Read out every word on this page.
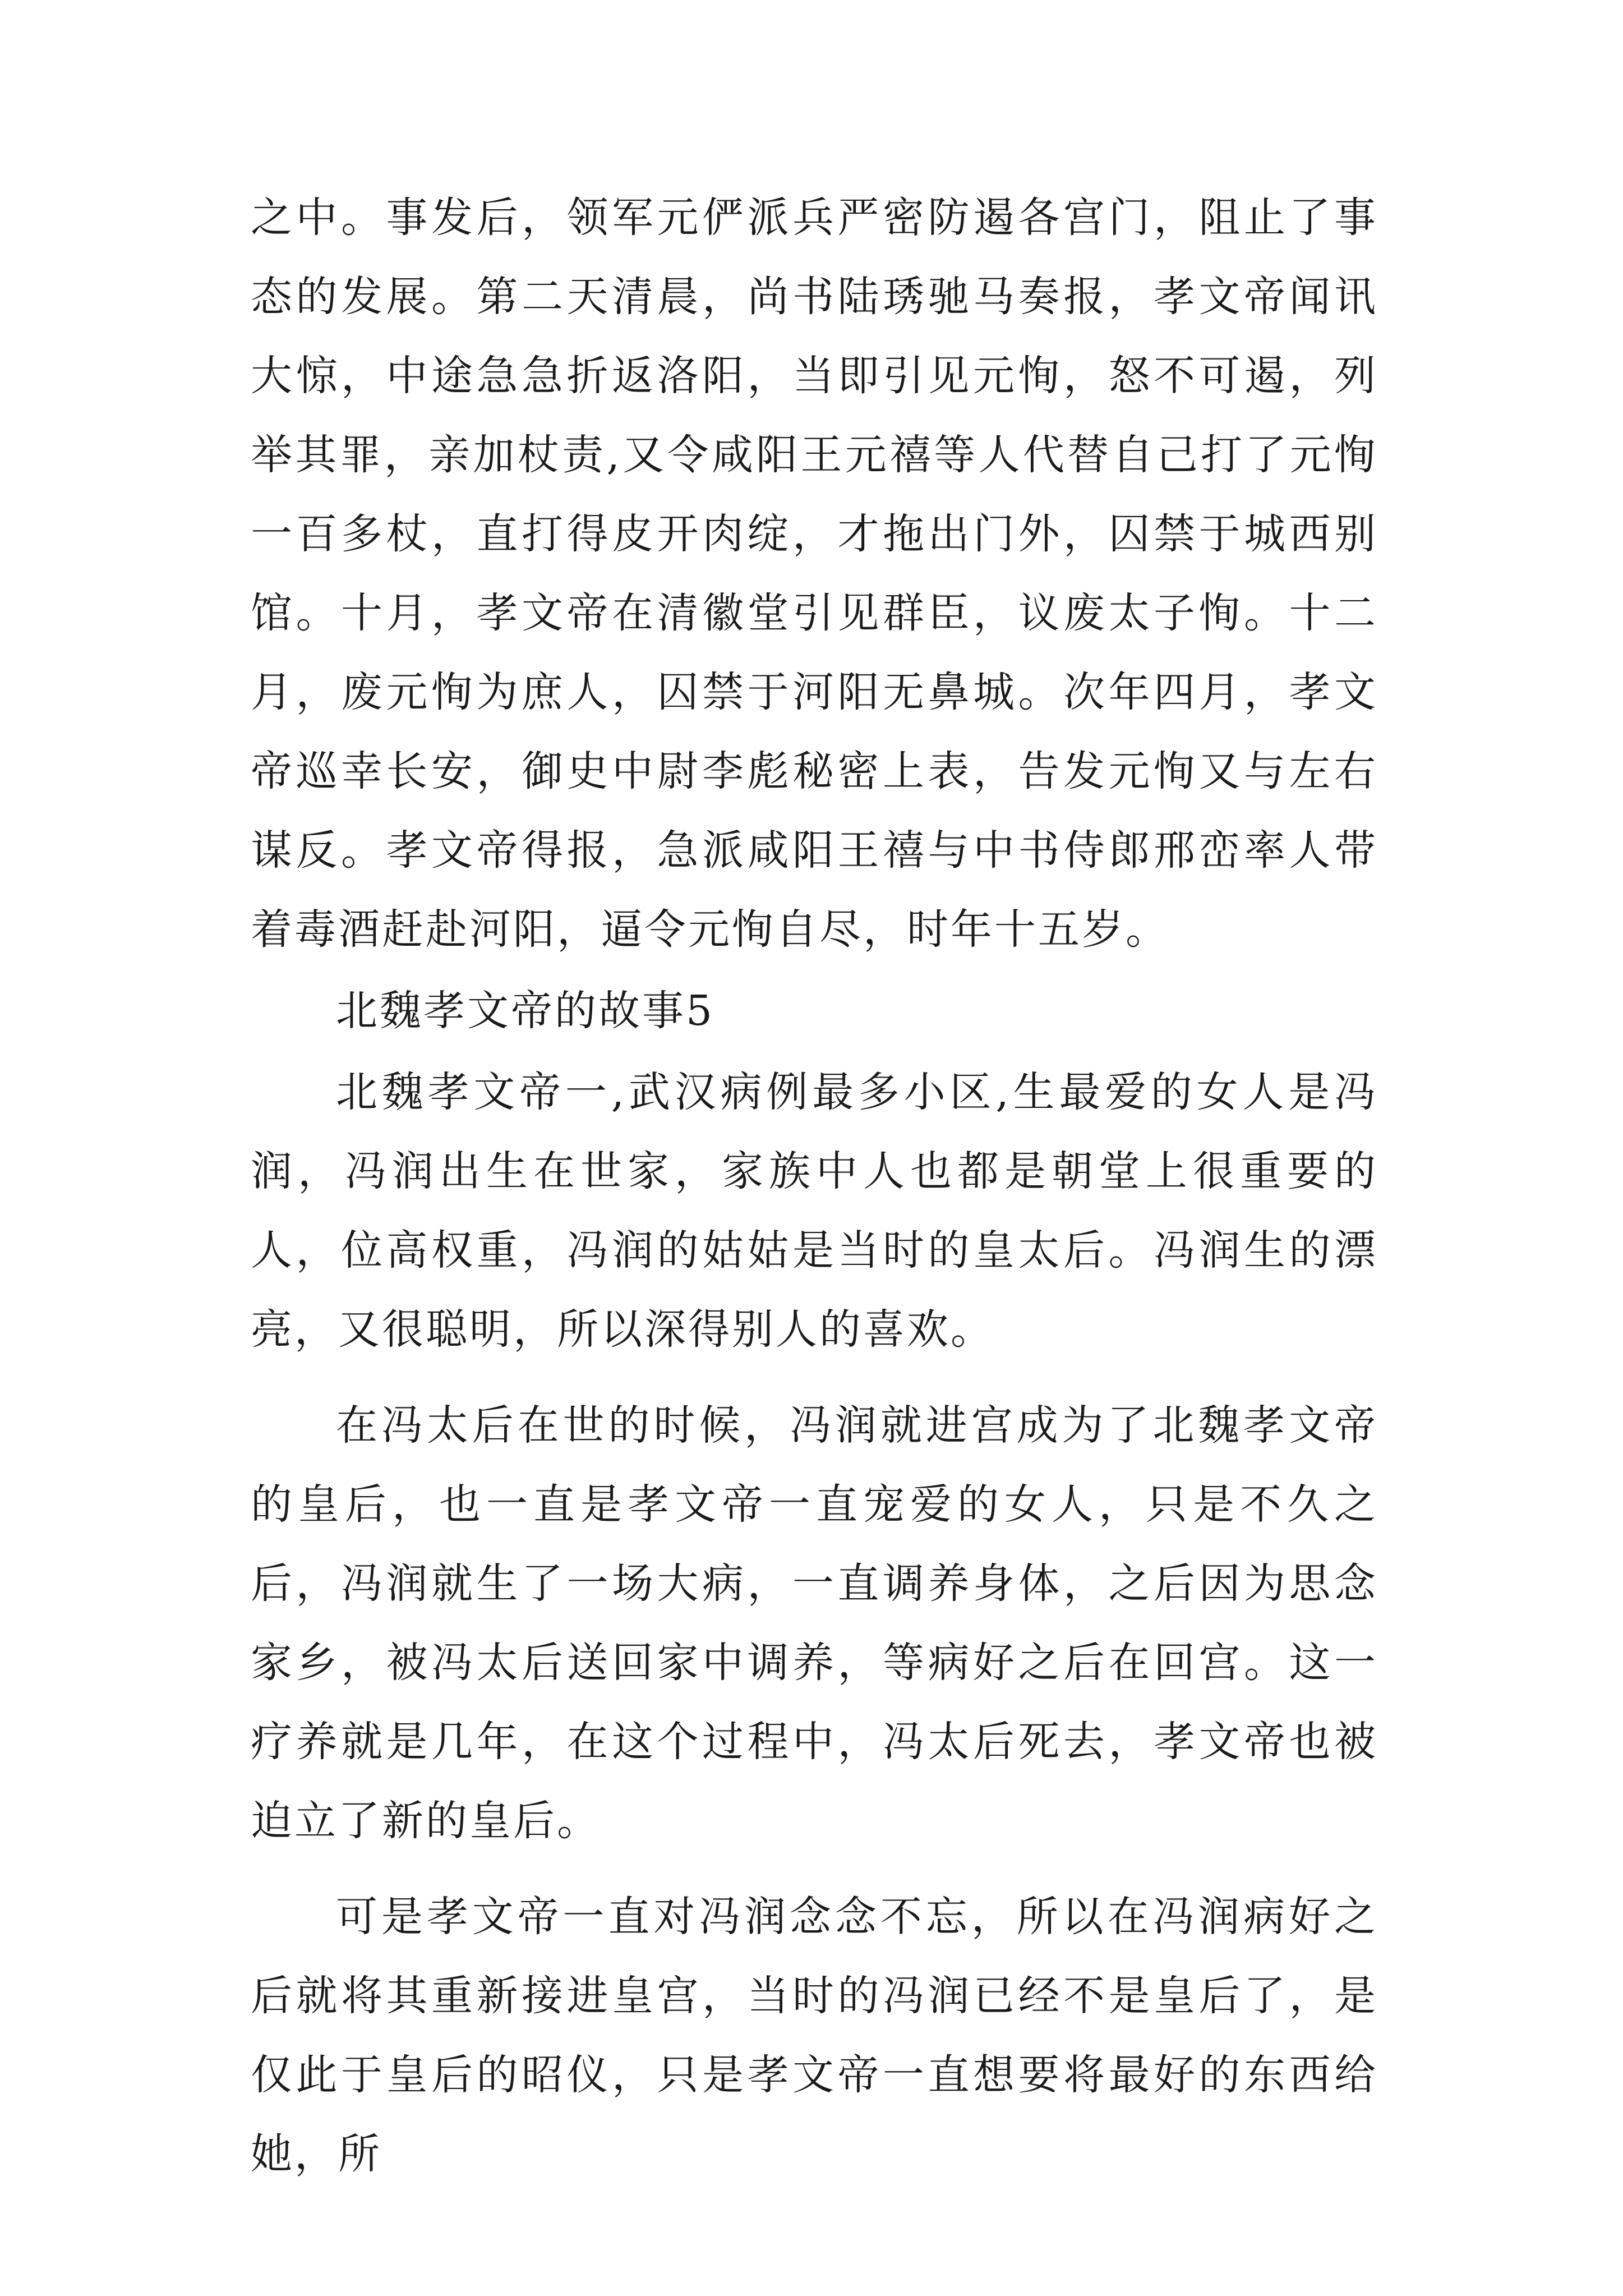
之中。事发后，领军元俨派兵严密防遏各宫门，阻止了事态的发展。第二天清晨，尚书陆琇驰马奏报，孝文帝闻讯大惊，中途急急折返洛阳，当即引见元恂，怒不可遏，列举其罪，亲加杖责,又令咸阳王元禧等人代替自己打了元恂一百多杖，直打得皮开肉绽，才拖出门外，囚禁于城西别馆。十月，孝文帝在清徽堂引见群臣，议废太子恂。十二月，废元恂为庶人，囚禁于河阳无鼻城。次年四月，孝文帝巡幸长安，御史中尉李彪秘密上表，告发元恂又与左右谋反。孝文帝得报，急派咸阳王禧与中书侍郎邢峦率人带着毒酒赶赴河阳，逼令元恂自尽，时年十五岁。

北魏孝文帝的故事5

北魏孝文帝一,武汉病例最多小区,生最爱的女人是冯润，冯润出生在世家，家族中人也都是朝堂上很重要的人，位高权重，冯润的姑姑是当时的皇太后。冯润生的漂亮，又很聪明，所以深得别人的喜欢。

在冯太后在世的时候，冯润就进宫成为了北魏孝文帝的皇后，也一直是孝文帝一直宠爱的女人，只是不久之后，冯润就生了一场大病，一直调养身体，之后因为思念家乡，被冯太后送回家中调养，等病好之后在回宫。这一疗养就是几年，在这个过程中，冯太后死去，孝文帝也被迫立了新的皇后。

可是孝文帝一直对冯润念念不忘，所以在冯润病好之后就将其重新接进皇宫，当时的冯润已经不是皇后了，是仅此于皇后的昭仪，只是孝文帝一直想要将最好的东西给她，所
